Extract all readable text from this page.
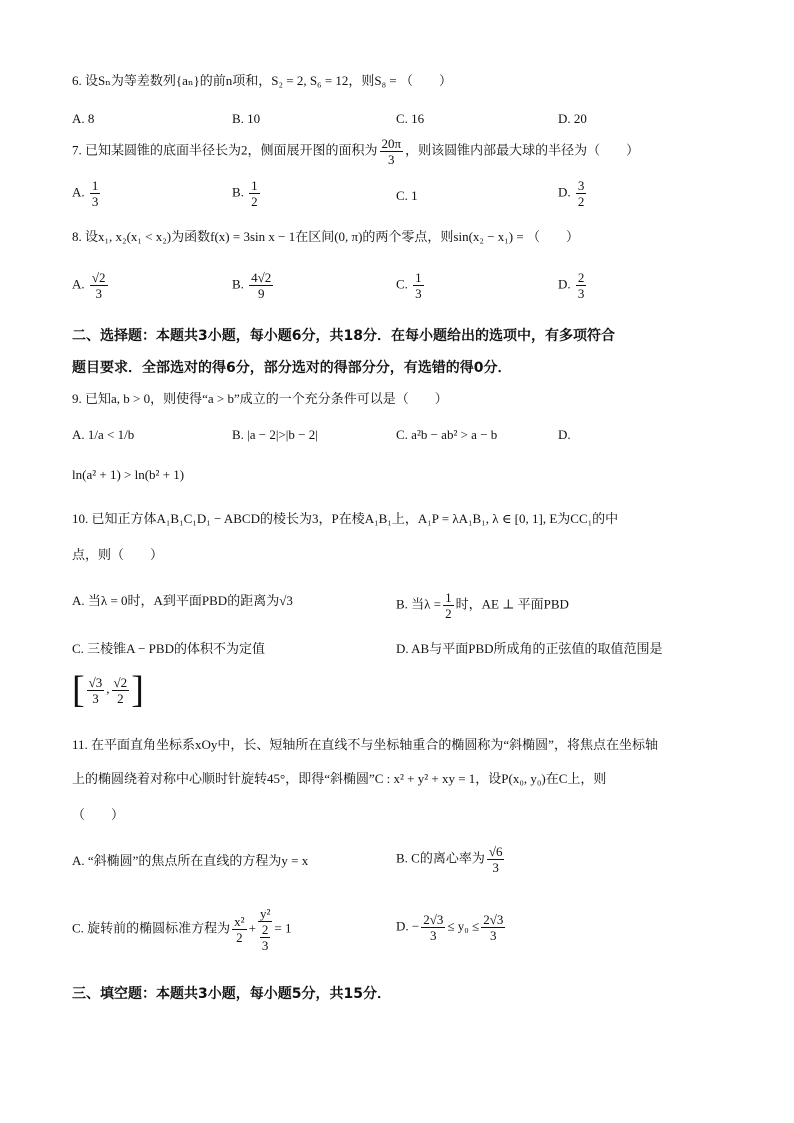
6. 设Sₙ为等差数列{aₙ}的前n项和，S₂ = 2, S₆ = 12，则S₈ = （　　）
A. 8	B. 10	C. 16	D. 20
7. 已知某圆锥的底面半径长为2，侧面展开图的面积为 $\frac{20\pi}{3}$ ，则该圆锥内部最大球的半径为（　　）
A. $\frac{1}{3}$	B. $\frac{1}{2}$	C. 1	D. $\frac{3}{2}$
8. 设x₁, x₂(x₁ < x₂)为函数f(x) = 3sin x − 1在区间(0, π)的两个零点，则sin(x₂ − x₁) = （　　）
A. $\frac{√2}{3}$	B. $\frac{4√2}{9}$	C. $\frac{1}{3}$	D. $\frac{2}{3}$
二、选择题：本题共3小题，每小题6分，共18分．在每小题给出的选项中，有多项符合
题目要求．全部选对的得6分，部分选对的得部分分，有选错的得0分．
9. 已知a, b > 0，则使得“a > b”成立的一个充分条件可以是（　　）
A. 1/a < 1/b	B. |a − 2|>|b − 2|	C. a²b − ab² > a − b	D.
ln(a² + 1) > ln(b² + 1)
10. 已知正方体A₁B₁C₁D₁ − ABCD的棱长为3，P在棱A₁B₁上，A₁P = λA₁B₁, λ ∈ [0, 1], E为CC₁的中
点，则（　　）
A. 当λ = 0时，A到平面PBD的距离为√3	B. 当$\lambda = \frac{1}{2}$ 时，AE ⊥ 平面PBD
C. 三棱锥A − PBD的体积不为定值	D. AB与平面PBD所成角的正弦值的取值范围是
[ $\frac{√3}{3}$ , $\frac{√2}{2}$ ]
11. 在平面直角坐标系xOy中，长、短轴所在直线不与坐标轴重合的椭圆称为“斜椭圆”，将焦点在坐标轴
上的椭圆绕着对称中心顺时针旋转45°，即得“斜椭圆”C : x² + y² + xy = 1，设P(x₀, y₀)在C上，则
（　　）
A. “斜椭圆”的焦点所在直线的方程为y = x	B. C的离心率为 $\frac{√6}{3}$
C. 旋转前的椭圆标准方程为 $\frac{\text{x²}}{2} + \frac{\text{y²}}{\frac{2}{3}} = 1$	D. − $\frac{2√3}{3} \le y_0 \le \frac{2√3}{3}$
三、填空题：本题共3小题，每小题5分，共15分．
